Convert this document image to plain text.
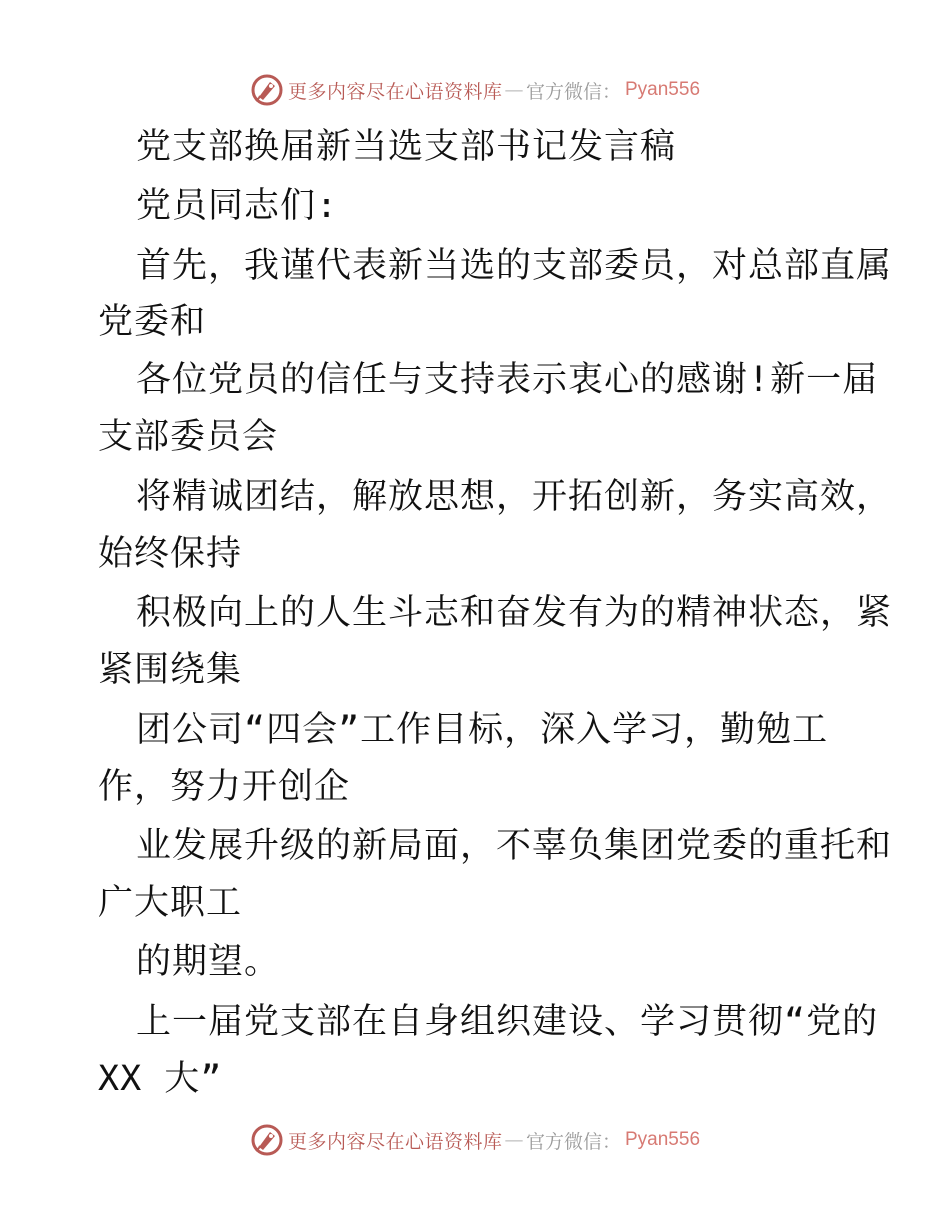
更多内容尽在心语资料库 — 官方微信： Pyan556
党支部换届新当选支部书记发言稿
党员同志们:
首先，我谨代表新当选的支部委员，对总部直属
党委和
各位党员的信任与支持表示衷心的感谢!新一届
支部委员会
将精诚团结，解放思想，开拓创新，务实高效，
始终保持
积极向上的人生斗志和奋发有为的精神状态，紧
紧围绕集
团公司“四会”工作目标，深入学习，勤勉工
作，努力开创企
业发展升级的新局面，不辜负集团党委的重托和
广大职工
的期望。
上一届党支部在自身组织建设、学习贯彻“党的
XX 大”
更多内容尽在心语资料库 — 官方微信： Pyan556
